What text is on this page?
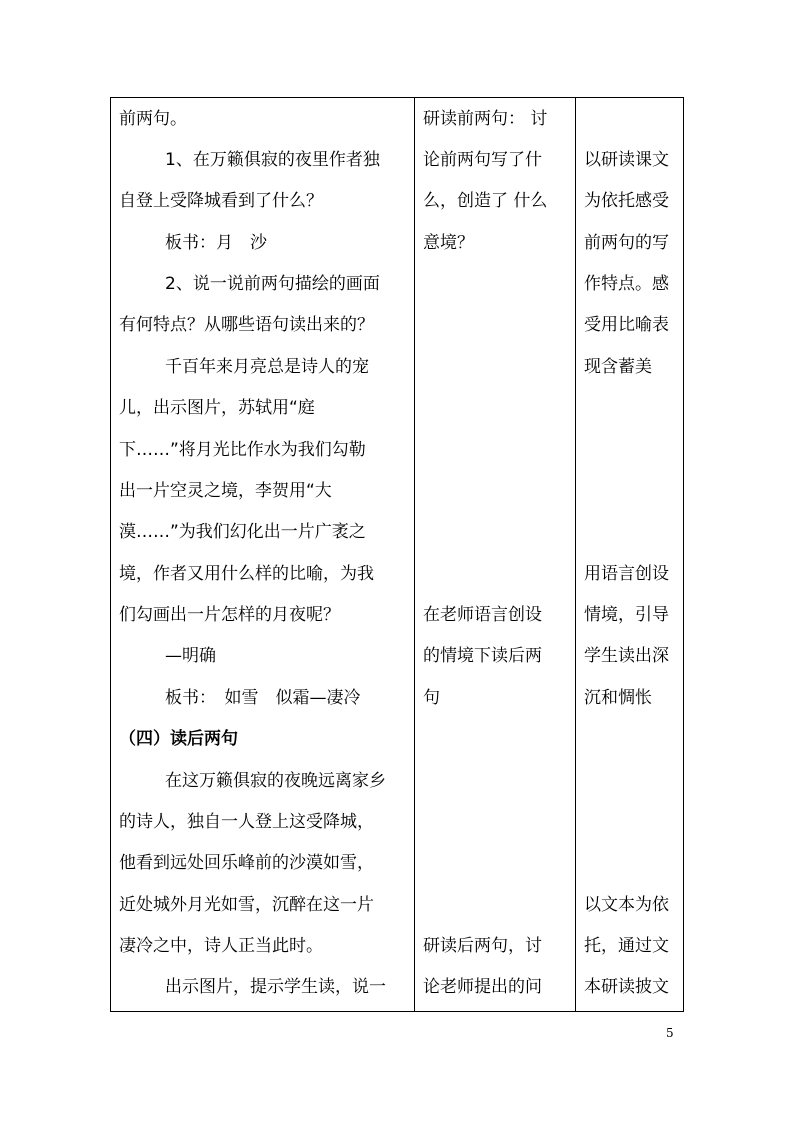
前两句。
1、在万籁俱寂的夜里作者独
自登上受降城看到了什么？
板书：月　沙
2、说一说前两句描绘的画面
有何特点？从哪些语句读出来的？
千百年来月亮总是诗人的宠
儿，出示图片，苏轼用“庭
下……”将月光比作水为我们勾勒
出一片空灵之境，李贺用“大
漠……”为我们幻化出一片广袤之
境，作者又用什么样的比喻，为我
们勾画出一片怎样的月夜呢？
—明确
板书：　如雪　似霜—凄冷
（四）读后两句
在这万籁俱寂的夜晚远离家乡
的诗人，独自一人登上这受降城，
他看到远处回乐峰前的沙漠如雪，
近处城外月光如雪，沉醉在这一片
凄冷之中，诗人正当此时。
出示图片，提示学生读，说一
研读前两句： 讨
论前两句写了什
么，创造了 什么
意境？
在老师语言创设
的情境下读后两
句
研读后两句，讨
论老师提出的问
以研读课文
为依托感受
前两句的写
作特点。感
受用比喻表
现含蓄美
用语言创设
情境，引导
学生读出深
沉和惆怅
以文本为依
托，通过文
本研读披文
5
